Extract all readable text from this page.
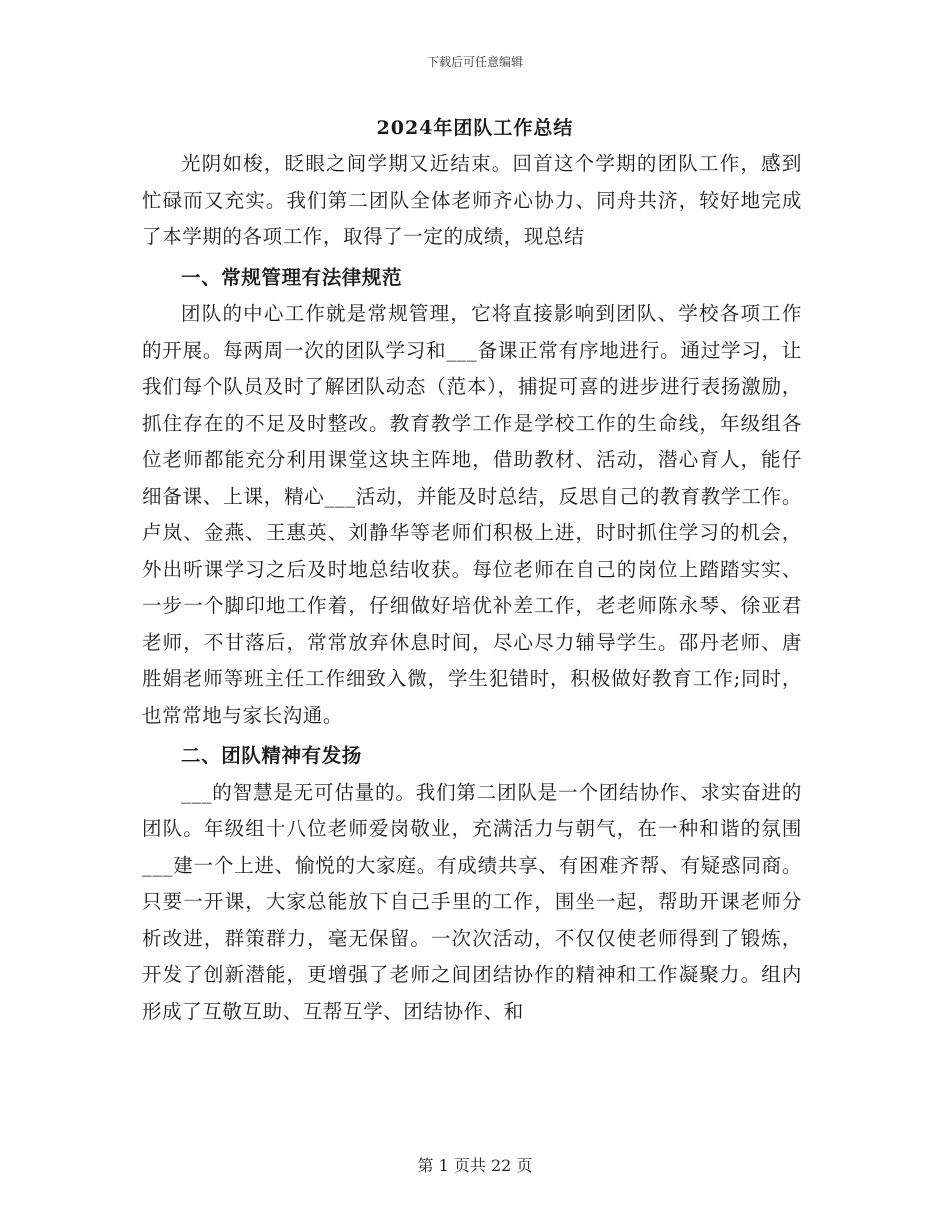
下载后可任意编辑
2024年团队工作总结

光阴如梭，眨眼之间学期又近结束。回首这个学期的团队工作，感到忙碌而又充实。我们第二团队全体老师齐心协力、同舟共济，较好地完成了本学期的各项工作，取得了一定的成绩，现总结

一、常规管理有法律规范

团队的中心工作就是常规管理，它将直接影响到团队、学校各项工作的开展。每两周一次的团队学习和___备课正常有序地进行。通过学习，让我们每个队员及时了解团队动态（范本），捕捉可喜的进步进行表扬激励，抓住存在的不足及时整改。教育教学工作是学校工作的生命线，年级组各位老师都能充分利用课堂这块主阵地，借助教材、活动，潜心育人，能仔细备课、上课，精心___活动，并能及时总结，反思自己的教育教学工作。卢岚、金燕、王惠英、刘静华等老师们积极上进，时时抓住学习的机会，外出听课学习之后及时地总结收获。每位老师在自己的岗位上踏踏实实、一步一个脚印地工作着，仔细做好培优补差工作，老老师陈永琴、徐亚君老师，不甘落后，常常放弃休息时间，尽心尽力辅导学生。邵丹老师、唐胜娟老师等班主任工作细致入微，学生犯错时，积极做好教育工作;同时，也常常地与家长沟通。

二、团队精神有发扬

___的智慧是无可估量的。我们第二团队是一个团结协作、求实奋进的团队。年级组十八位老师爱岗敬业，充满活力与朝气，在一种和谐的氛围___建一个上进、愉悦的大家庭。有成绩共享、有困难齐帮、有疑惑同商。只要一开课，大家总能放下自己手里的工作，围坐一起，帮助开课老师分析改进，群策群力，毫无保留。一次次活动，不仅仅使老师得到了锻炼，开发了创新潜能，更增强了老师之间团结协作的精神和工作凝聚力。组内形成了互敬互助、互帮互学、团结协作、和

第 1 页共 22 页
